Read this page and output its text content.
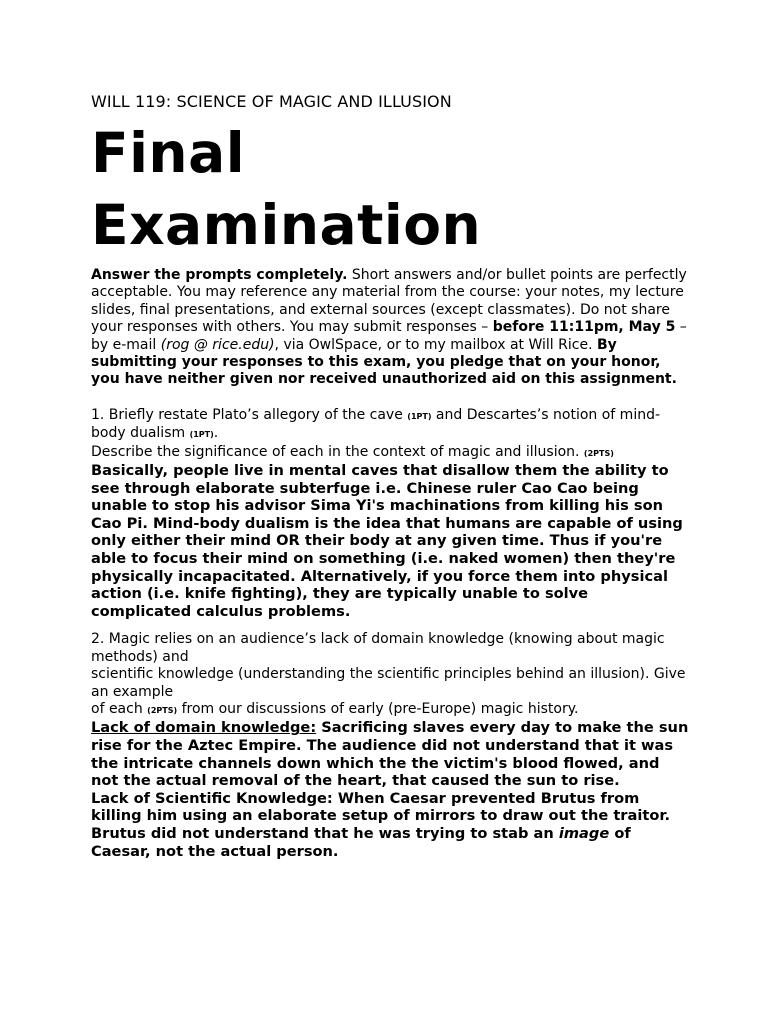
WILL 119: SCIENCE OF MAGIC AND ILLUSION

Final
Examination

Answer the prompts completely. Short answers and/or bullet points are perfectly acceptable. You may reference any material from the course: your notes, my lecture slides, final presentations, and external sources (except classmates). Do not share your responses with others. You may submit responses – before 11:11pm, May 5 – by e-mail (rog @ rice.edu), via OwlSpace, or to my mailbox at Will Rice. By submitting your responses to this exam, you pledge that on your honor, you have neither given nor received unauthorized aid on this assignment.

1. Briefly restate Plato’s allegory of the cave (1PT) and Descartes’s notion of mind-body dualism (1PT).

Describe the significance of each in the context of magic and illusion. (2PTS)

Basically, people live in mental caves that disallow them the ability to see through elaborate subterfuge i.e. Chinese ruler Cao Cao being unable to stop his advisor Sima Yi's machinations from killing his son Cao Pi. Mind-body dualism is the idea that humans are capable of using only either their mind OR their body at any given time. Thus if you're able to focus their mind on something (i.e. naked women) then they're physically incapacitated. Alternatively, if you force them into physical action (i.e. knife fighting), they are typically unable to solve complicated calculus problems.

2. Magic relies on an audience’s lack of domain knowledge (knowing about magic methods) and

scientific knowledge (understanding the scientific principles behind an illusion). Give an example

of each (2PTS) from our discussions of early (pre-Europe) magic history.

Lack of domain knowledge: Sacrificing slaves every day to make the sun rise for the Aztec Empire. The audience did not understand that it was the intricate channels down which the the victim's blood flowed, and not the actual removal of the heart, that caused the sun to rise.

Lack of Scientific Knowledge: When Caesar prevented Brutus from killing him using an elaborate setup of mirrors to draw out the traitor. Brutus did not understand that he was trying to stab an image of Caesar, not the actual person.
